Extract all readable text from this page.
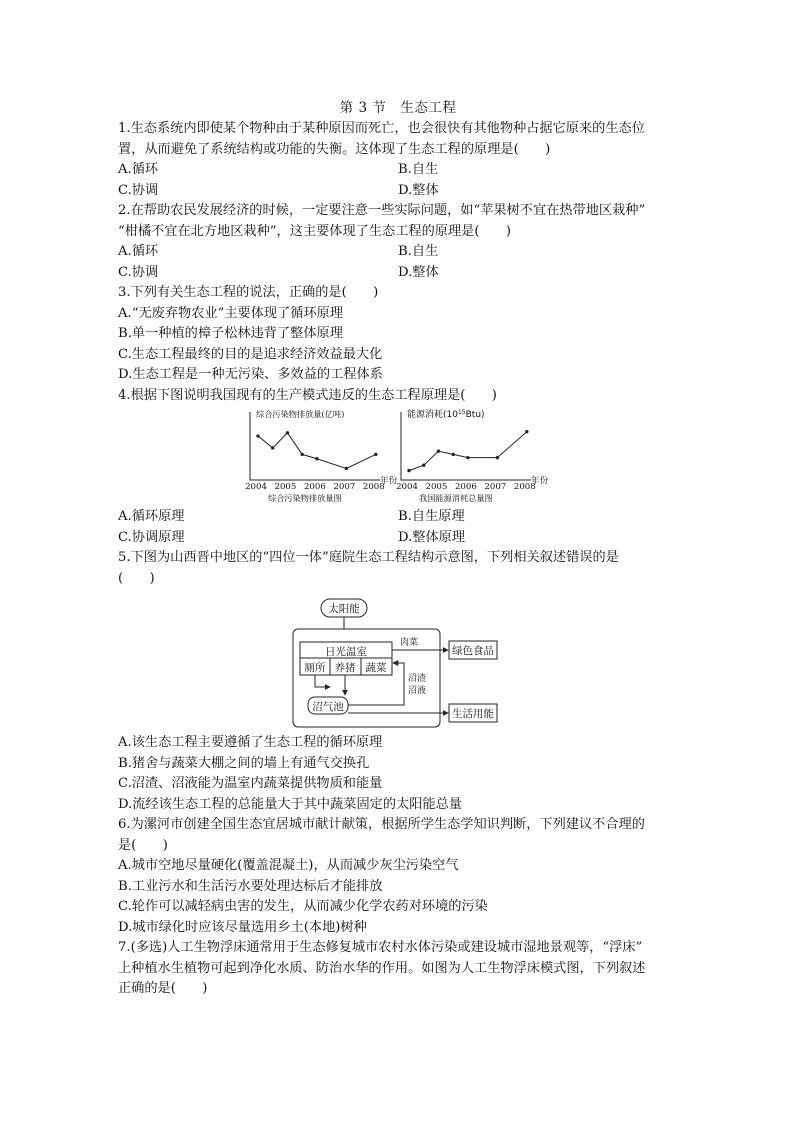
第 3 节　生态工程
1.生态系统内即使某个物种由于某种原因而死亡，也会很快有其他物种占据它原来的生态位
置，从而避免了系统结构或功能的失衡。这体现了生态工程的原理是(　　)
A.循环	B.自生
C.协调	D.整体
2.在帮助农民发展经济的时候，一定要注意一些实际问题，如“苹果树不宜在热带地区栽种”
“柑橘不宜在北方地区栽种”，这主要体现了生态工程的原理是(　　)
A.循环	B.自生
C.协调	D.整体
3.下列有关生态工程的说法，正确的是(　　)
A.“无废弃物农业”主要体现了循环原理
B.单一种植的樟子松林违背了整体原理
C.生态工程最终的目的是追求经济效益最大化
D.生态工程是一种无污染、多效益的工程体系
4.根据下图说明我国现有的生产模式违反的生态工程原理是(　　)
综合污染物排放量(亿吨)
2004 2005 2006 2007 2008
年份
综合污染物排放量图
能源消耗$(10^{15}Btu)$
2004 2005 2006 2007 2008
年份
我国能源消耗总量图
A.循环原理	B.自生原理
C.协调原理	D.整体原理
5.下图为山西晋中地区的“四位一体”庭院生态工程结构示意图，下列相关叙述错误的是
(　　)
太阳能
日光温室
厕所 养猪 蔬菜
沼气池
沼渣
沼液
肉菜
绿色食品
生活用能
A.该生态工程主要遵循了生态工程的循环原理
B.猪舍与蔬菜大棚之间的墙上有通气交换孔
C.沼渣、沼液能为温室内蔬菜提供物质和能量
D.流经该生态工程的总能量大于其中蔬菜固定的太阳能总量
6.为漯河市创建全国生态宜居城市献计献策，根据所学生态学知识判断，下列建议不合理的
是(　　)
A.城市空地尽量硬化(覆盖混凝土)，从而减少灰尘污染空气
B.工业污水和生活污水要处理达标后才能排放
C.轮作可以减轻病虫害的发生，从而减少化学农药对环境的污染
D.城市绿化时应该尽量选用乡土(本地)树种
7.(多选)人工生物浮床通常用于生态修复城市农村水体污染或建设城市湿地景观等，“浮床”
上种植水生植物可起到净化水质、防治水华的作用。如图为人工生物浮床模式图，下列叙述
正确的是(　　)
